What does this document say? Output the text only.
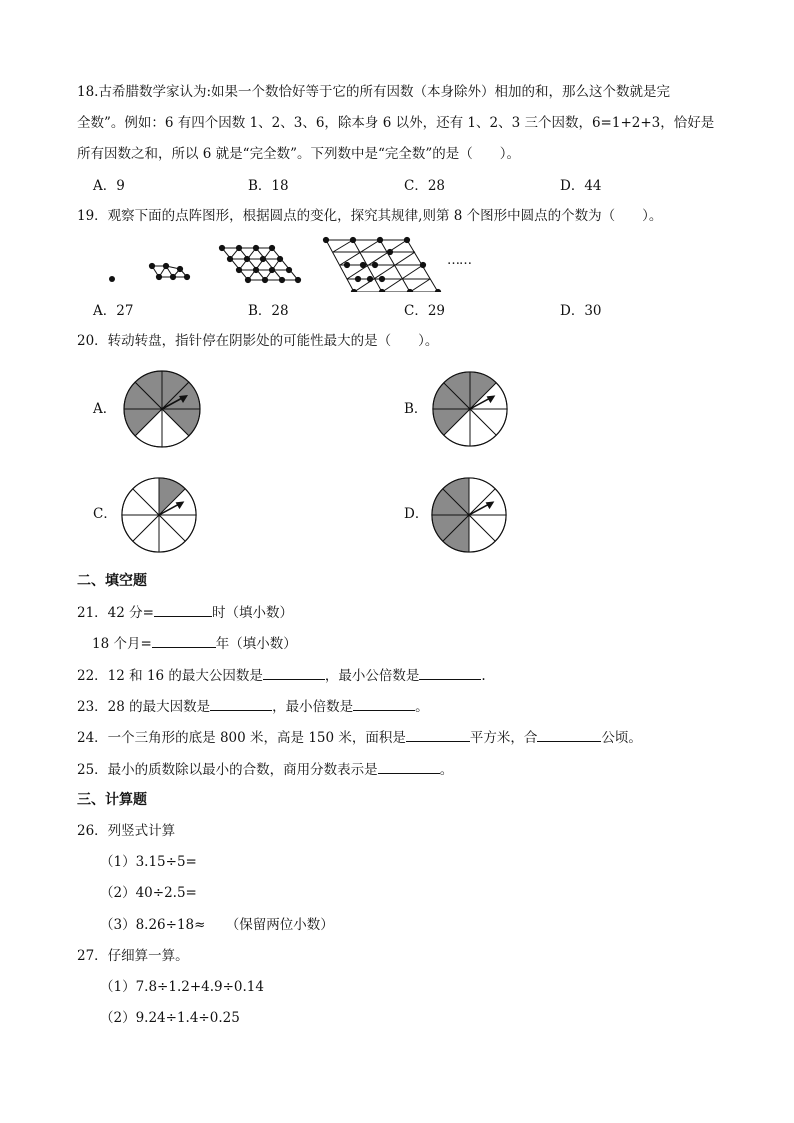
18.古希腊数学家认为:如果一个数恰好等于它的所有因数（本身除外）相加的和，那么这个数就是完
全数”。例如：6 有四个因数 1、2、3、6，除本身 6 以外，还有 1、2、3 三个因数，6=1+2+3，恰好是
所有因数之和，所以 6 就是“完全数”。下列数中是“完全数”的是（　　）。
A．9	B．18	C．28	D．44
19．观察下面的点阵图形，根据圆点的变化，探究其规律,则第 8 个图形中圆点的个数为（　　）。
……
A．27	B．28	C．29	D．30
20．转动转盘，指针停在阴影处的可能性最大的是（　　）。
A．	B．
C．	D．
二、填空题
21．42 分=	时（填小数）
18 个月=	年（填小数）
22．12 和 16 的最大公因数是	，最小公倍数是	.
23．28 的最大因数是	，最小倍数是	。
24．一个三角形的底是 800 米，高是 150 米，面积是	平方米，合	公顷。
25．最小的质数除以最小的合数，商用分数表示是	。
三、计算题
26．列竖式计算
（1）3.15÷5=
（2）40÷2.5=
（3）8.26÷18≈　　（保留两位小数）
27．仔细算一算。
（1）7.8÷1.2+4.9÷0.14
（2）9.24÷1.4÷0.25
